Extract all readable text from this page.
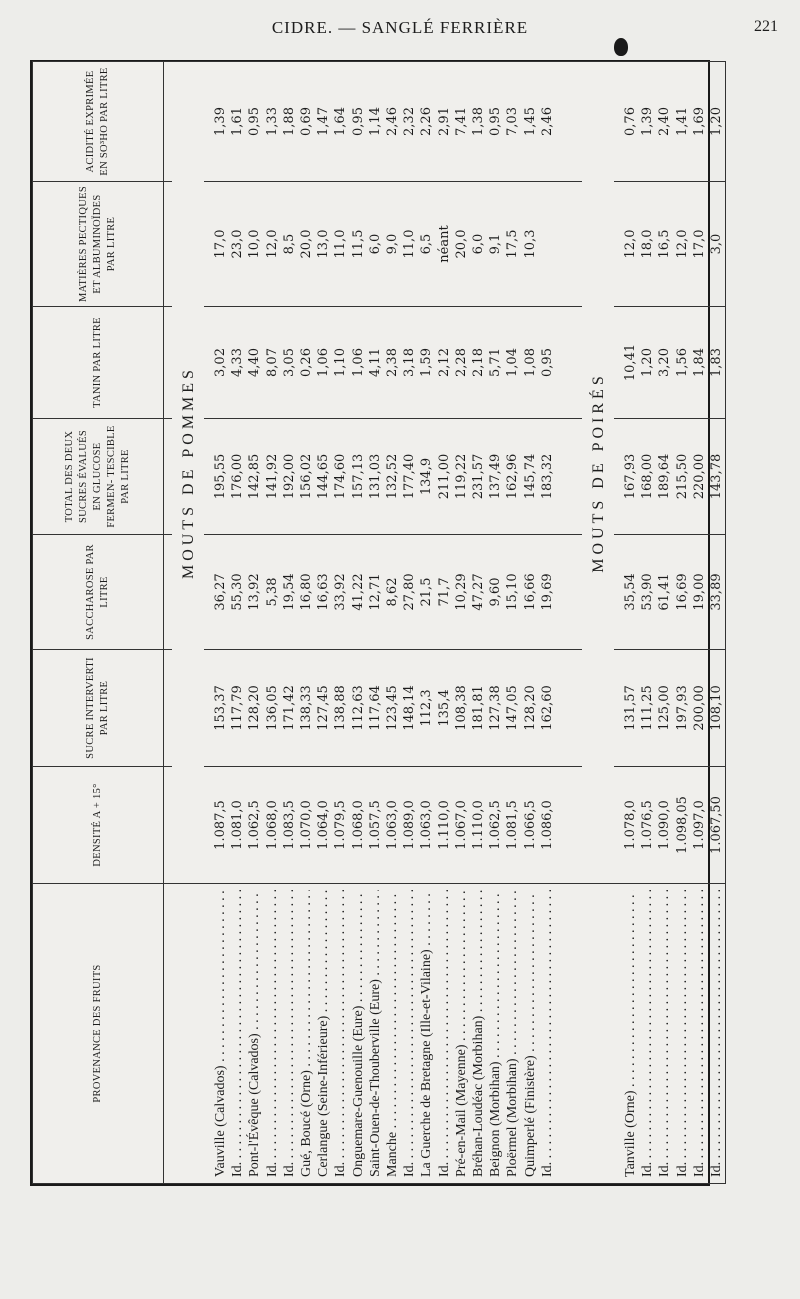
CIDRE. — SANGLÉ FERRIÈRE	221
PROVENANCE DES FRUITS	DENSITÉ A + 15°	SUCRE INTERVERTI PAR LITRE	SACCHAROSE PAR LITRE	TOTAL DES DEUX SUCRES ÉVALUÉS EN GLUCOSE FERMEN- TESCIBLE PAR LITRE	TANIN PAR LITRE	MATIÈRES PECTIQUES ET ALBUMINOÏDES PAR LITRE	ACIDITÉ EXPRIMÉE EN SO³HO PAR LITRE

	MOUTS DE POMMES						

Vauville (Calvados) . . .	1.087,5	153,37	36,27	195,55	3,02	17,0	1,39

Id. . . .	1.081,0	117,79	55,30	176,00	4,33	23,0	1,61

Pont-l'Évêque (Calvados) . . .	1.062,5	128,20	13,92	142,85	4,40	10,0	0,95

Id. . . .	1.068,0	136,05	5,38	141,92	8,07	12,0	1,33

Id. . . .	1.083,5	171,42	19,54	192,00	3,05	8,5	1,88

Gué, Boucé (Orne) . . .	1.070,0	138,33	16,80	156,02	0,26	20,0	0,69

Cerlangue (Seine-Inférieure) . . .	1.064,0	127,45	16,63	144,65	1,06	13,0	1,47

Id. . . .	1.079,5	138,88	33,92	174,60	1,10	11,0	1,64

Onguemare-Guenouille (Eure) . . .	1.068,0	112,63	41,22	157,13	1,06	11,5	0,95

Saint-Ouen-de-Thouberville (Eure) . . .	1.057,5	117,64	12,71	131,03	4,11	6,0	1,14

Manche . . .	1.063,0	123,45	8,62	132,52	2,38	9,0	2,46

Id. . . .	1.089,0	148,14	27,80	177,40	3,18	11,0	2,32

La Guerche de Bretagne (Ille-et-Vilaine) . . .	1.063,0	112,3	21,5	134,9	1,59	6,5	2,26

Id. . . .	1.110,0	135,4	71,7	211,00	2,12	néant	2,91

Pré-en-Mail (Mayenne) . . .	1.067,0	108,38	10,29	119,22	2,28	20,0	7,41

Bréhan-Loudéac (Morbihan) . . .	1.110,0	181,81	47,27	231,57	2,18	6,0	1,38

Beignon (Morbihan) . . .	1.062,5	127,38	9,60	137,49	5,71	9,1	0,95

Ploërmel (Morbihan) . . .	1.081,5	147,05	15,10	162,96	1,04	17,5	7,03

Quimperlé (Finistère) . . .	1.066,5	128,20	16,66	145,74	1,08	10,3	1,45

Id. . . .	1.086,0	162,60	19,69	183,32	0,95		2,46

	MOUTS DE POIRÉS						

Tanville (Orne) . . .	1.078,0	131,57	35,54	167,93	10,41	12,0	0,76

Id. . . .	1.076,5	111,25	53,90	168,00	1,20	18,0	1,39

Id. . . .	1.090,0	125,00	61,41	189,64	3,20	16,5	2,40

Id. . . .	1.098,05	197,93	16,69	215,50	1,56	12,0	1,41

Id. . . .	1.097,0	200,00	19,00	220,00	1,84	17,0	1,69

Id. . . .	1.067,50	108,10	33,89	143,78	1,83	3,0	1,20
